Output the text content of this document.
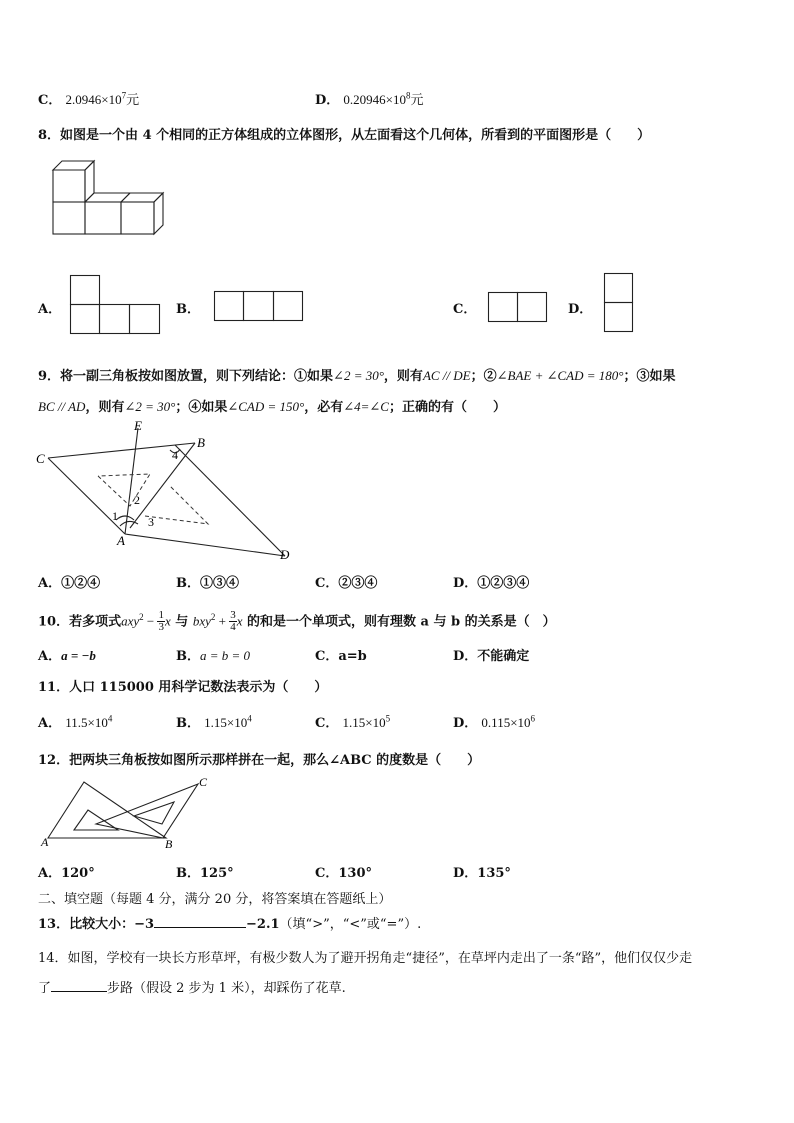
C． $2.0946\times 10^7$元	D． $0.20946\times 10^8$元
8．如图是一个由 4 个相同的正方体组成的立体图形，从左面看这个几何体，所看到的平面图形是（　　）
A．	B．	C．	D．
9．将一副三角板按如图放置，则下列结论：①如果∠2 = 30°，则有AC // DE；②∠BAE + ∠CAD = 180°；③如果
BC // AD，则有∠2 = 30°；④如果∠CAD = 150°，必有∠4=∠C；正确的有（　　）
C
E
B
A
D
1
2
3
4
A．①②④	B．①③④	C．②③④	D．①②③④
10．若多项式$axy^2 - \frac{1}{3}$ x 与 $bxy^2 + \frac{3}{4}$ x 的和是一个单项式，则有理数 a 与 b 的关系是（　）
A．a = −b	B．a = b = 0	C．a=b	D．不能确定
11．人口 115000 用科学记数法表示为（　　）
A． $11.5\times 10^4$	B． $1.15\times 10^4$	C． $1.15\times 10^5$	D． $0.115\times 10^6$
12．把两块三角板按如图所示那样拼在一起，那么∠ABC 的度数是（　　）
A	B
C
A．120°	B．125°	C．130°	D．135°
二、填空题（每题 4 分，满分 20 分，将答案填在答题纸上）
13．比较大小：−3	−2.1（填“>”，“<”或“=”）.
14．如图，学校有一块长方形草坪，有极少数人为了避开拐角走“捷径”，在草坪内走出了一条“路”，他们仅仅少走
了	步路（假设 2 步为 1 米），却踩伤了花草.
